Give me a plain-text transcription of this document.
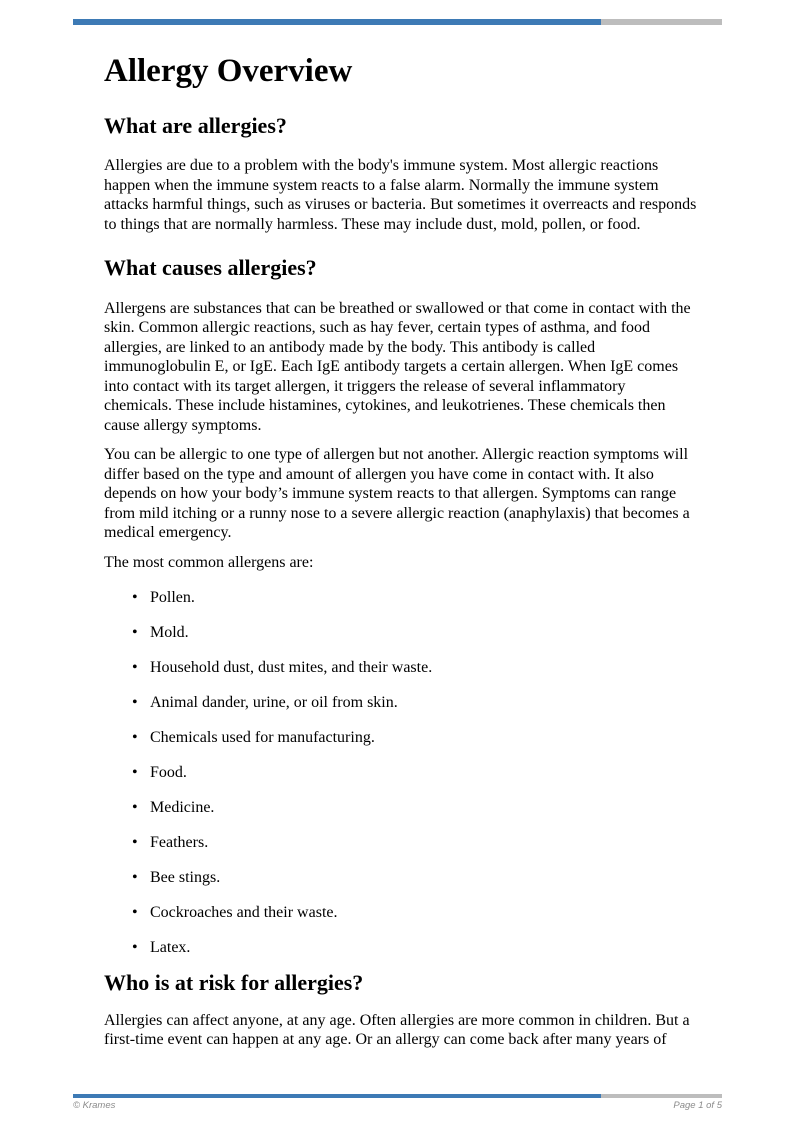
Allergy Overview
What are allergies?

Allergies are due to a problem with the body's immune system. Most allergic reactions happen when the immune system reacts to a false alarm. Normally the immune system attacks harmful things, such as viruses or bacteria. But sometimes it overreacts and responds to things that are normally harmless. These may include dust, mold, pollen, or food.

What causes allergies?

Allergens are substances that can be breathed or swallowed or that come in contact with the skin. Common allergic reactions, such as hay fever, certain types of asthma, and food allergies, are linked to an antibody made by the body. This antibody is called immunoglobulin E, or IgE. Each IgE antibody targets a certain allergen. When IgE comes into contact with its target allergen, it triggers the release of several inflammatory chemicals. These include histamines, cytokines, and leukotrienes. These chemicals then cause allergy symptoms.

You can be allergic to one type of allergen but not another. Allergic reaction symptoms will differ based on the type and amount of allergen you have come in contact with. It also depends on how your body’s immune system reacts to that allergen. Symptoms can range from mild itching or a runny nose to a severe allergic reaction (anaphylaxis) that becomes a medical emergency.

The most common allergens are:

• Pollen.
• Mold.
• Household dust, dust mites, and their waste.
• Animal dander, urine, or oil from skin.
• Chemicals used for manufacturing.
• Food.
• Medicine.
• Feathers.
• Bee stings.
• Cockroaches and their waste.
• Latex.
Who is at risk for allergies?

Allergies can affect anyone, at any age. Often allergies are more common in children. But a first-time event can happen at any age. Or an allergy can come back after many years of

© Krames	Page 1 of 5
